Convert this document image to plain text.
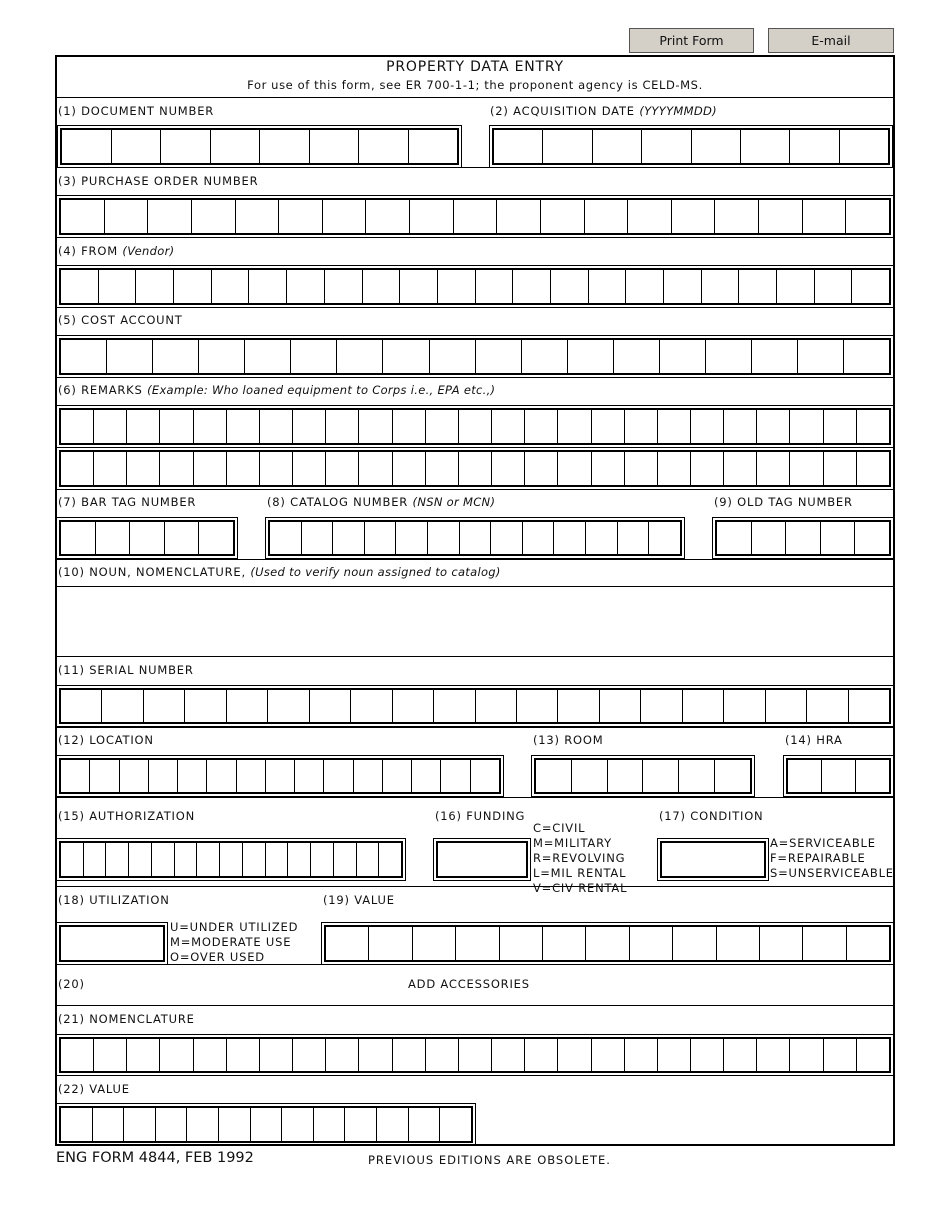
Print Form	E-mail
PROPERTY DATA ENTRY
For use of this form, see ER 700-1-1; the proponent agency is CELD-MS.
(1) DOCUMENT NUMBER	(2) ACQUISITION DATE (YYYYMMDD)
(3) PURCHASE ORDER NUMBER
(4) FROM (Vendor)
(5) COST ACCOUNT
(6) REMARKS (Example: Who loaned equipment to Corps i.e., EPA etc.,)
(7) BAR TAG NUMBER	(8) CATALOG NUMBER (NSN or MCN)	(9) OLD TAG NUMBER
(10) NOUN, NOMENCLATURE, (Used to verify noun assigned to catalog)
(11) SERIAL NUMBER
(12) LOCATION	(13) ROOM	(14) HRA
(15) AUTHORIZATION	(16) FUNDING
C=CIVIL
M=MILITARY
R=REVOLVING
L=MIL RENTAL
V=CIV RENTAL
(17) CONDITION
A=SERVICEABLE
F=REPAIRABLE
S=UNSERVICEABLE
(18) UTILIZATION
U=UNDER UTILIZED
M=MODERATE USE
O=OVER USED
(19) VALUE
(20)	ADD ACCESSORIES
(21) NOMENCLATURE
(22) VALUE
ENG FORM 4844, FEB 1992	PREVIOUS EDITIONS ARE OBSOLETE.
